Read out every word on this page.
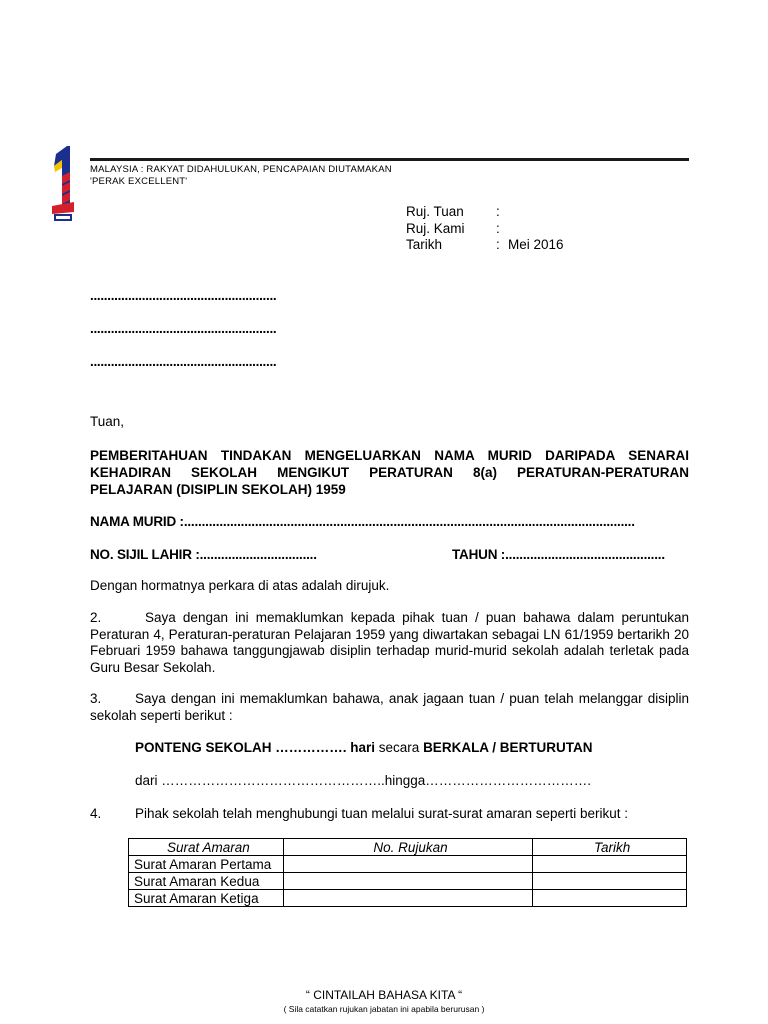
MALAYSIA : RAKYAT DIDAHULUKAN, PENCAPAIAN DIUTAMAKAN
'PERAK EXCELLENT'
Ruj. Tuan	:
Ruj. Kami	:
Tarikh	: Mei 2016
......................................................
......................................................
......................................................
Tuan,
PEMBERITAHUAN TINDAKAN MENGELUARKAN NAMA MURID DARIPADA SENARAI KEHADIRAN SEKOLAH MENGIKUT PERATURAN 8(a) PERATURAN-PERATURAN PELAJARAN (DISIPLIN SEKOLAH) 1959
NAMA MURID :...............................................................................................................................
NO. SIJIL LAHIR :.................................	TAHUN :.............................................
Dengan hormatnya perkara di atas adalah dirujuk.
2.	Saya dengan ini memaklumkan kepada pihak tuan / puan bahawa dalam peruntukan Peraturan 4, Peraturan-peraturan Pelajaran 1959 yang diwartakan sebagai LN 61/1959 bertarikh 20 Februari 1959 bahawa tanggungjawab disiplin terhadap murid-murid sekolah adalah terletak pada Guru Besar Sekolah.
3. Saya dengan ini memaklumkan bahawa, anak jagaan tuan / puan telah melanggar disiplin sekolah seperti berikut :
PONTENG SEKOLAH ……………. hari secara BERKALA / BERTURUTAN
dari …………………………………………..hingga……………………………….
4. Pihak sekolah telah menghubungi tuan melalui surat-surat amaran seperti berikut :
Surat Amaran	No. Rujukan	Tarikh
Surat Amaran Pertama		
Surat Amaran Kedua		
Surat Amaran Ketiga		
“ CINTAILAH BAHASA KITA “
( Sila catatkan rujukan jabatan ini apabila berurusan )
